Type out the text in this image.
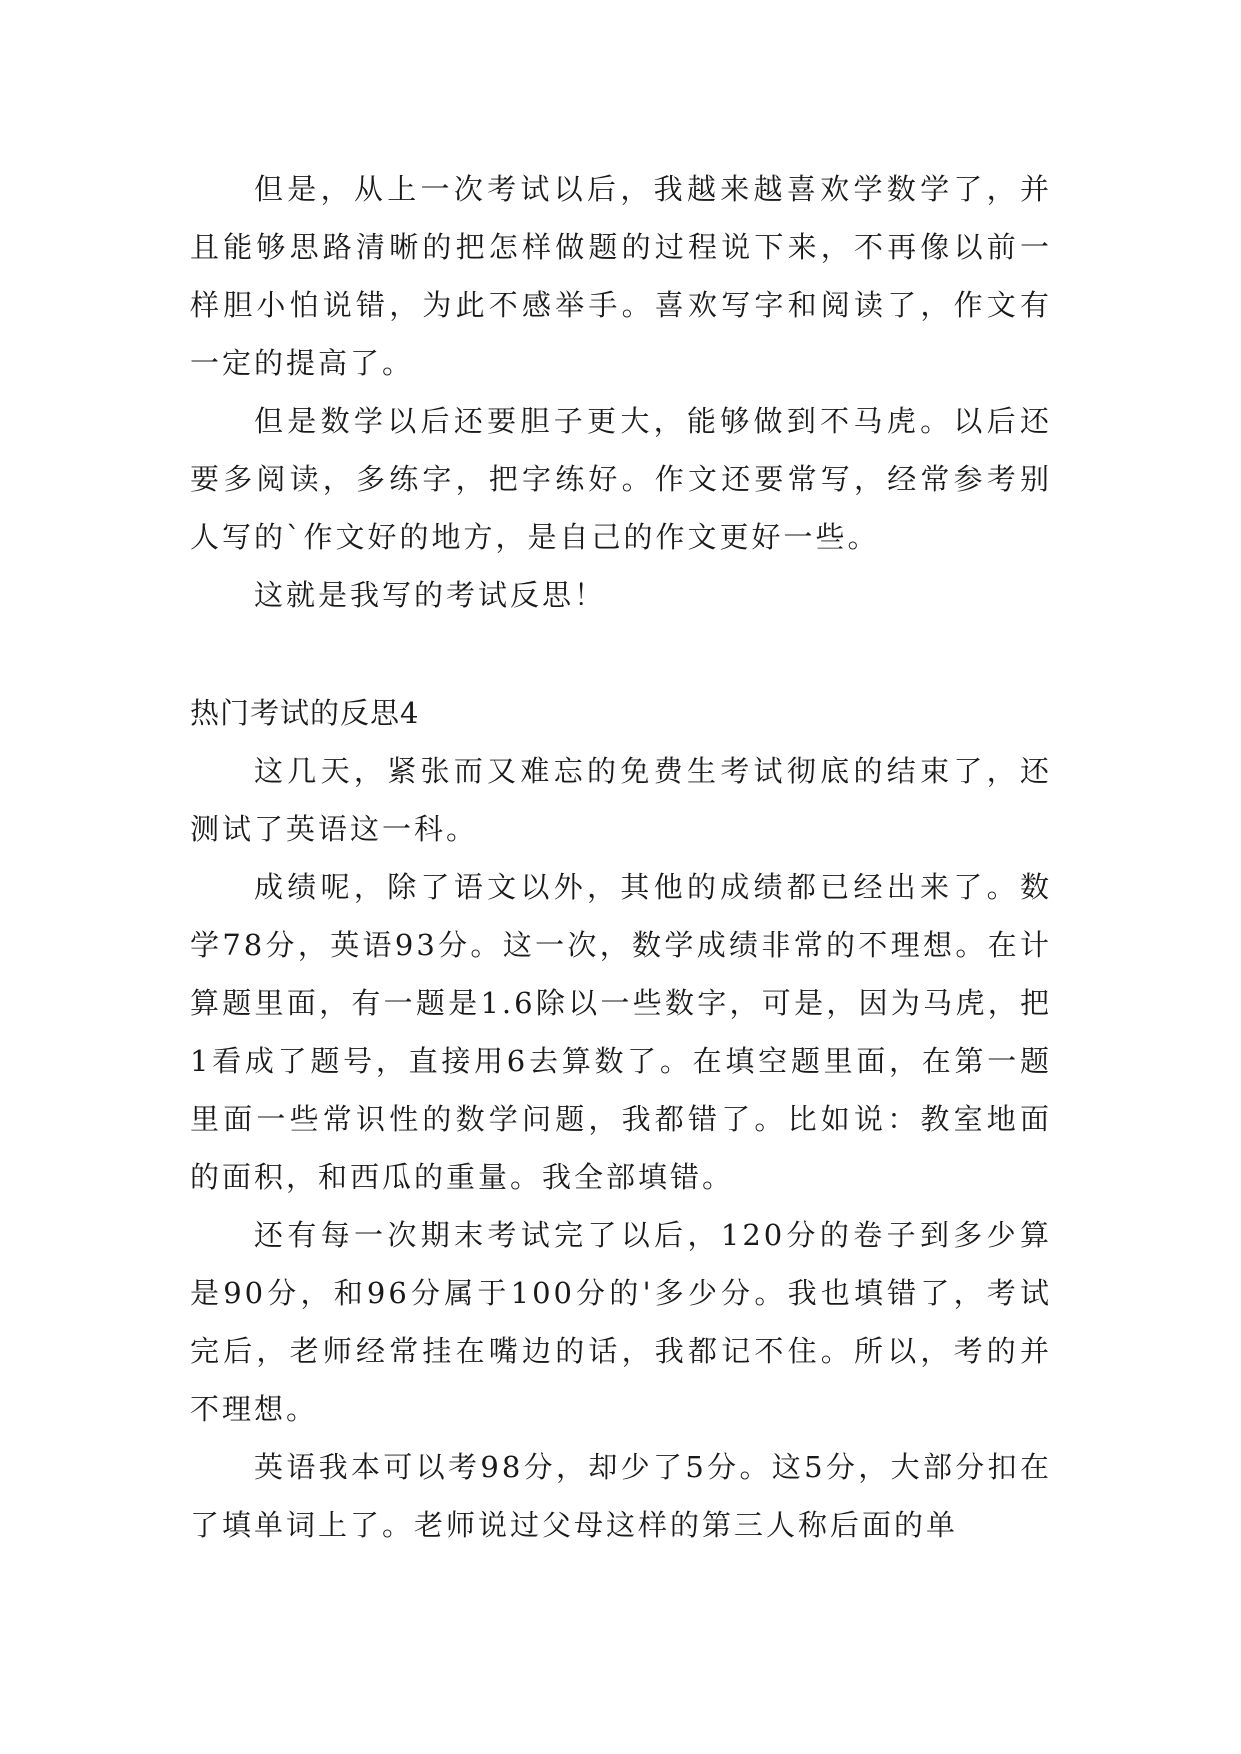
但是，从上一次考试以后，我越来越喜欢学数学了，并且能够思路清晰的把怎样做题的过程说下来，不再像以前一样胆小怕说错，为此不感举手。喜欢写字和阅读了，作文有一定的提高了。

但是数学以后还要胆子更大，能够做到不马虎。以后还要多阅读，多练字，把字练好。作文还要常写，经常参考别人写的`作文好的地方，是自己的作文更好一些。

这就是我写的考试反思！

热门考试的反思4

这几天，紧张而又难忘的免费生考试彻底的结束了，还测试了英语这一科。

成绩呢，除了语文以外，其他的成绩都已经出来了。数学78分，英语93分。这一次，数学成绩非常的不理想。在计算题里面，有一题是1.6除以一些数字，可是，因为马虎，把1看成了题号，直接用6去算数了。在填空题里面，在第一题里面一些常识性的数学问题，我都错了。比如说：教室地面的面积，和西瓜的重量。我全部填错。

还有每一次期末考试完了以后，120分的卷子到多少算是90分，和96分属于100分的'多少分。我也填错了，考试完后，老师经常挂在嘴边的话，我都记不住。所以，考的并不理想。

英语我本可以考98分，却少了5分。这5分，大部分扣在了填单词上了。老师说过父母这样的第三人称后面的单
